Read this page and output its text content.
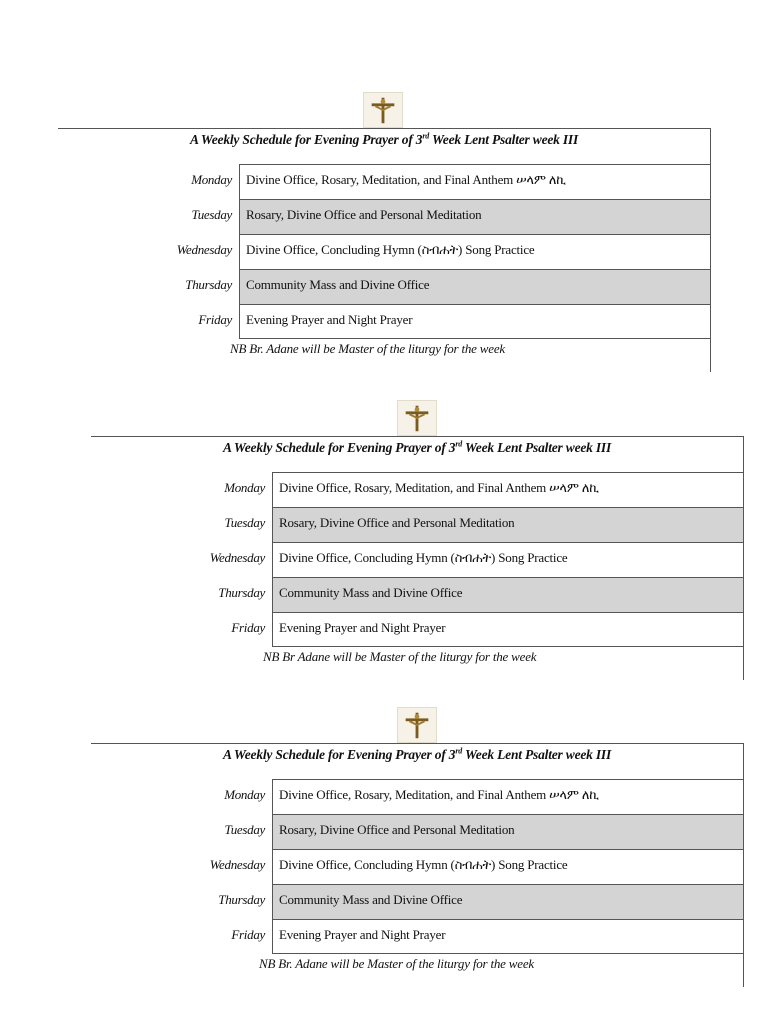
A Weekly Schedule for Evening Prayer of 3rd Week Lent Psalter week III
Monday	Divine Office, Rosary, Meditation, and Final Anthem ሠላም ለኪ
Tuesday	Rosary, Divine Office and Personal Meditation
Wednesday	Divine Office, Concluding Hymn (ስብሐት) Song Practice
Thursday	Community Mass and Divine Office
Friday	Evening Prayer and Night Prayer
NB Br. Adane will be Master of the liturgy for the week
A Weekly Schedule for Evening Prayer of 3rd Week Lent Psalter week III
Monday	Divine Office, Rosary, Meditation, and Final Anthem ሠላም ለኪ
Tuesday	Rosary, Divine Office and Personal Meditation
Wednesday	Divine Office, Concluding Hymn (ስብሐት) Song Practice
Thursday	Community Mass and Divine Office
Friday	Evening Prayer and Night Prayer
NB Br Adane will be Master of the liturgy for the week
A Weekly Schedule for Evening Prayer of 3rd Week Lent Psalter week III
Monday	Divine Office, Rosary, Meditation, and Final Anthem ሠላም ለኪ
Tuesday	Rosary, Divine Office and Personal Meditation
Wednesday	Divine Office, Concluding Hymn (ስብሐት) Song Practice
Thursday	Community Mass and Divine Office
Friday	Evening Prayer and Night Prayer
NB Br. Adane will be Master of the liturgy for the week
